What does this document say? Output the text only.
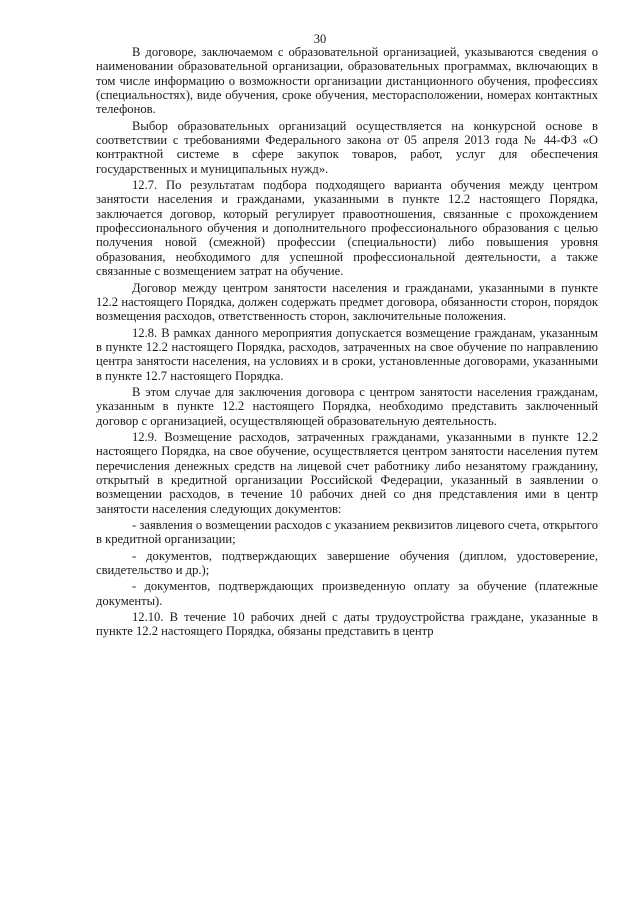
30

В договоре, заключаемом с образовательной организацией, указываются сведения о наименовании образовательной организации, образовательных программах, включающих в том числе информацию о возможности организации дистанционного обучения, профессиях (специальностях), виде обучения, сроке обучения, месторасположении, номерах контактных телефонов.

Выбор образовательных организаций осуществляется на конкурсной основе в соответствии с требованиями Федерального закона от 05 апреля 2013 года № 44-ФЗ «О контрактной системе в сфере закупок товаров, работ, услуг для обеспечения государственных и муниципальных нужд».

12.7. По результатам подбора подходящего варианта обучения между центром занятости населения и гражданами, указанными в пункте 12.2 настоящего Порядка, заключается договор, который регулирует правоотношения, связанные с прохождением профессионального обучения и дополнительного профессионального образования с целью получения новой (смежной) профессии (специальности) либо повышения уровня образования, необходимого для успешной профессиональной деятельности, а также связанные с возмещением затрат на обучение.

Договор между центром занятости населения и гражданами, указанными в пункте 12.2 настоящего Порядка, должен содержать предмет договора, обязанности сторон, порядок возмещения расходов, ответственность сторон, заключительные положения.

12.8. В рамках данного мероприятия допускается возмещение гражданам, указанным в пункте 12.2 настоящего Порядка, расходов, затраченных на свое обучение по направлению центра занятости населения, на условиях и в сроки, установленные договорами, указанными в пункте 12.7 настоящего Порядка.

В этом случае для заключения договора с центром занятости населения гражданам, указанным в пункте 12.2 настоящего Порядка, необходимо представить заключенный договор с организацией, осуществляющей образовательную деятельность.

12.9. Возмещение расходов, затраченных гражданами, указанными в пункте 12.2 настоящего Порядка, на свое обучение, осуществляется центром занятости населения путем перечисления денежных средств на лицевой счет работнику либо незанятому гражданину, открытый в кредитной организации Российской Федерации, указанный в заявлении о возмещении расходов, в течение 10 рабочих дней со дня представления ими в центр занятости населения следующих документов:

- заявления о возмещении расходов с указанием реквизитов лицевого счета, открытого в кредитной организации;

- документов, подтверждающих завершение обучения (диплом, удостоверение, свидетельство и др.);

- документов, подтверждающих произведенную оплату за обучение (платежные документы).

12.10. В течение 10 рабочих дней с даты трудоустройства граждане, указанные в пункте 12.2 настоящего Порядка, обязаны представить в центр
